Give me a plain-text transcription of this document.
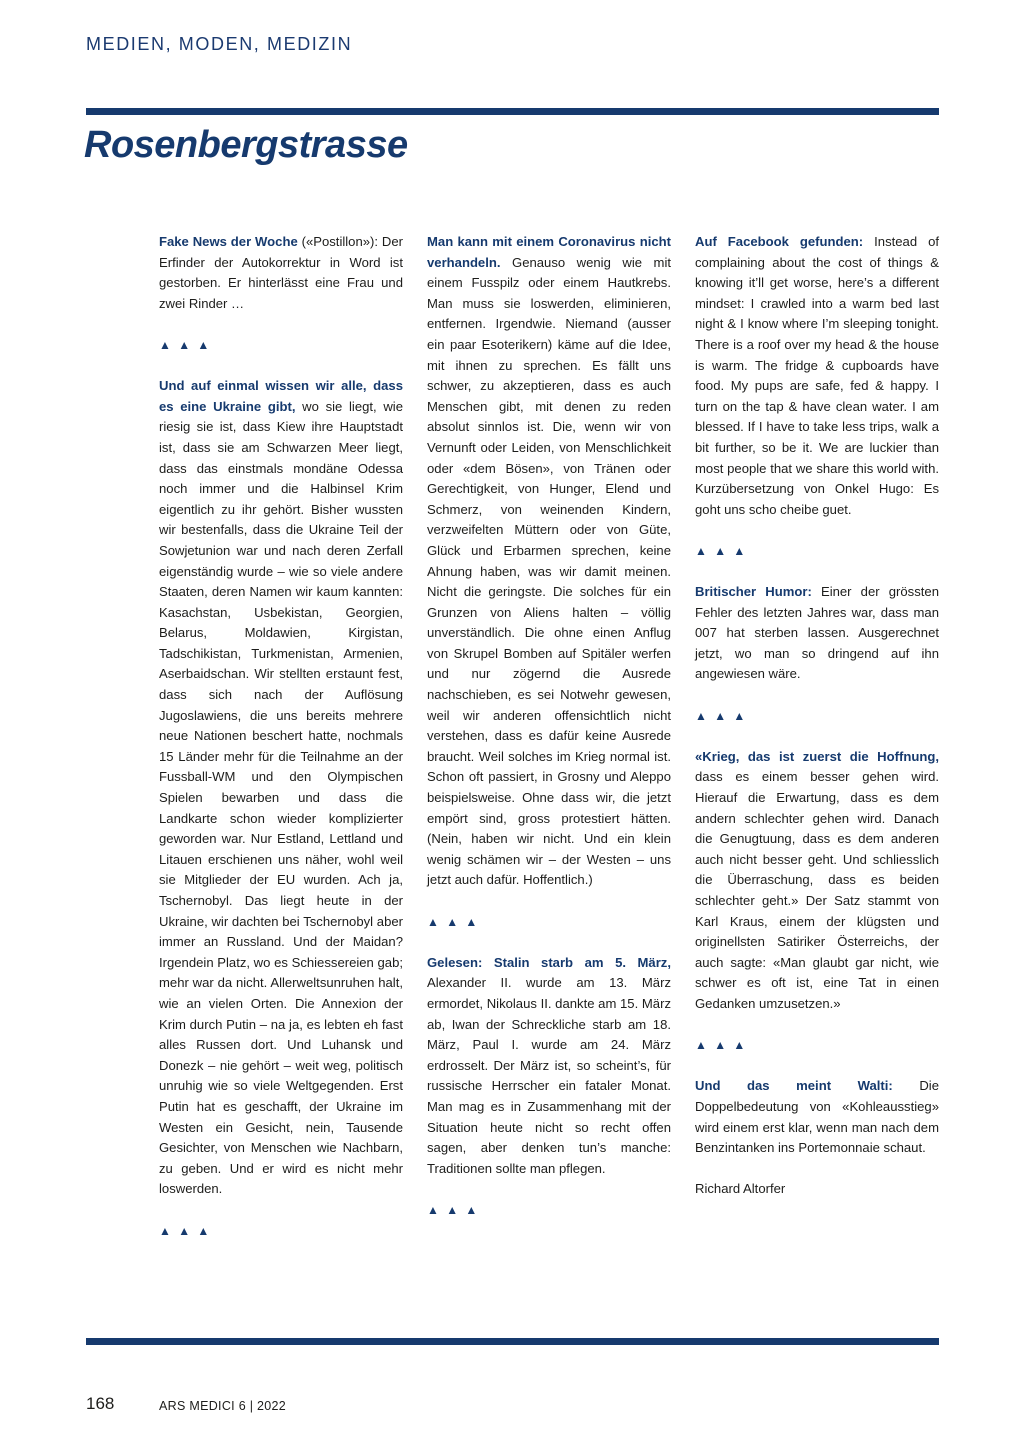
MEDIEN, MODEN, MEDIZIN
Rosenbergstrasse

Fake News der Woche («Postillon»): Der Erfinder der Autokorrektur in Word ist gestorben. Er hinterlässt eine Frau und zwei Rinder …

▲ ▲ ▲

Und auf einmal wissen wir alle, dass es eine Ukraine gibt, wo sie liegt, wie riesig sie ist, dass Kiew ihre Hauptstadt ist, dass sie am Schwarzen Meer liegt, dass das einstmals mondäne Odessa noch immer und die Halbinsel Krim eigentlich zu ihr gehört. Bisher wussten wir bestenfalls, dass die Ukraine Teil der Sowjetunion war und nach deren Zerfall eigenständig wurde – wie so viele andere Staaten, deren Namen wir kaum kannten: Kasachstan, Usbekistan, Georgien, Belarus, Moldawien, Kirgistan, Tadschikistan, Turkmenistan, Armenien, Aserbaidschan. Wir stellten erstaunt fest, dass sich nach der Auflösung Jugoslawiens, die uns bereits mehrere neue Nationen beschert hatte, nochmals 15 Länder mehr für die Teilnahme an der Fussball-WM und den Olympischen Spielen bewarben und dass die Landkarte schon wieder komplizierter geworden war. Nur Estland, Lettland und Litauen erschienen uns näher, wohl weil sie Mitglieder der EU wurden. Ach ja, Tschernobyl. Das liegt heute in der Ukraine, wir dachten bei Tschernobyl aber immer an Russland. Und der Maidan? Irgendein Platz, wo es Schiessereien gab; mehr war da nicht. Allerweltsunruhen halt, wie an vielen Orten. Die Annexion der Krim durch Putin – na ja, es lebten eh fast alles Russen dort. Und Luhansk und Donezk – nie gehört – weit weg, politisch unruhig wie so viele Weltgegenden. Erst Putin hat es geschafft, der Ukraine im Westen ein Gesicht, nein, Tausende Gesichter, von Menschen wie Nachbarn, zu geben. Und er wird es nicht mehr loswerden.

▲ ▲ ▲

Man kann mit einem Coronavirus nicht verhandeln. Genauso wenig wie mit einem Fusspilz oder einem Hautkrebs. Man muss sie loswerden, eliminieren, entfernen. Irgendwie. Niemand (ausser ein paar Esoterikern) käme auf die Idee, mit ihnen zu sprechen. Es fällt uns schwer, zu akzeptieren, dass es auch Menschen gibt, mit denen zu reden absolut sinnlos ist. Die, wenn wir von Vernunft oder Leiden, von Menschlichkeit oder «dem Bösen», von Tränen oder Gerechtigkeit, von Hunger, Elend und Schmerz, von weinenden Kindern, verzweifelten Müttern oder von Güte, Glück und Erbarmen sprechen, keine Ahnung haben, was wir damit meinen. Nicht die geringste. Die solches für ein Grunzen von Aliens halten – völlig unverständlich. Die ohne einen Anflug von Skrupel Bomben auf Spitäler werfen und nur zögernd die Ausrede nachschieben, es sei Notwehr gewesen, weil wir anderen offensichtlich nicht verstehen, dass es dafür keine Ausrede braucht. Weil solches im Krieg normal ist. Schon oft passiert, in Grosny und Aleppo beispielsweise. Ohne dass wir, die jetzt empört sind, gross protestiert hätten. (Nein, haben wir nicht. Und ein klein wenig schämen wir – der Westen – uns jetzt auch dafür. Hoffentlich.)

▲ ▲ ▲

Gelesen: Stalin starb am 5. März, Alexander II. wurde am 13. März ermordet, Nikolaus II. dankte am 15. März ab, Iwan der Schreckliche starb am 18. März, Paul I. wurde am 24. März erdrosselt. Der März ist, so scheint’s, für russische Herrscher ein fataler Monat. Man mag es in Zusammenhang mit der Situation heute nicht so recht offen sagen, aber denken tun’s manche: Traditionen sollte man pflegen.

▲ ▲ ▲

Auf Facebook gefunden: Instead of complaining about the cost of things & knowing it’ll get worse, here’s a different mindset: I crawled into a warm bed last night & I know where I’m sleeping tonight. There is a roof over my head & the house is warm. The fridge & cupboards have food. My pups are safe, fed & happy. I turn on the tap & have clean water. I am blessed. If I have to take less trips, walk a bit further, so be it. We are luckier than most people that we share this world with. Kurzübersetzung von Onkel Hugo: Es goht uns scho cheibe guet.

▲ ▲ ▲

Britischer Humor: Einer der grössten Fehler des letzten Jahres war, dass man 007 hat sterben lassen. Ausgerechnet jetzt, wo man so dringend auf ihn angewiesen wäre.

▲ ▲ ▲

«Krieg, das ist zuerst die Hoffnung, dass es einem besser gehen wird. Hierauf die Erwartung, dass es dem andern schlechter gehen wird. Danach die Genugtuung, dass es dem anderen auch nicht besser geht. Und schliesslich die Überraschung, dass es beiden schlechter geht.» Der Satz stammt von Karl Kraus, einem der klügsten und originellsten Satiriker Österreichs, der auch sagte: «Man glaubt gar nicht, wie schwer es oft ist, eine Tat in einen Gedanken umzusetzen.»

▲ ▲ ▲

Und das meint Walti: Die Doppelbedeutung von «Kohleausstieg» wird einem erst klar, wenn man nach dem Benzintanken ins Portemonnaie schaut.

Richard Altorfer

168	ARS MEDICI 6 | 2022
